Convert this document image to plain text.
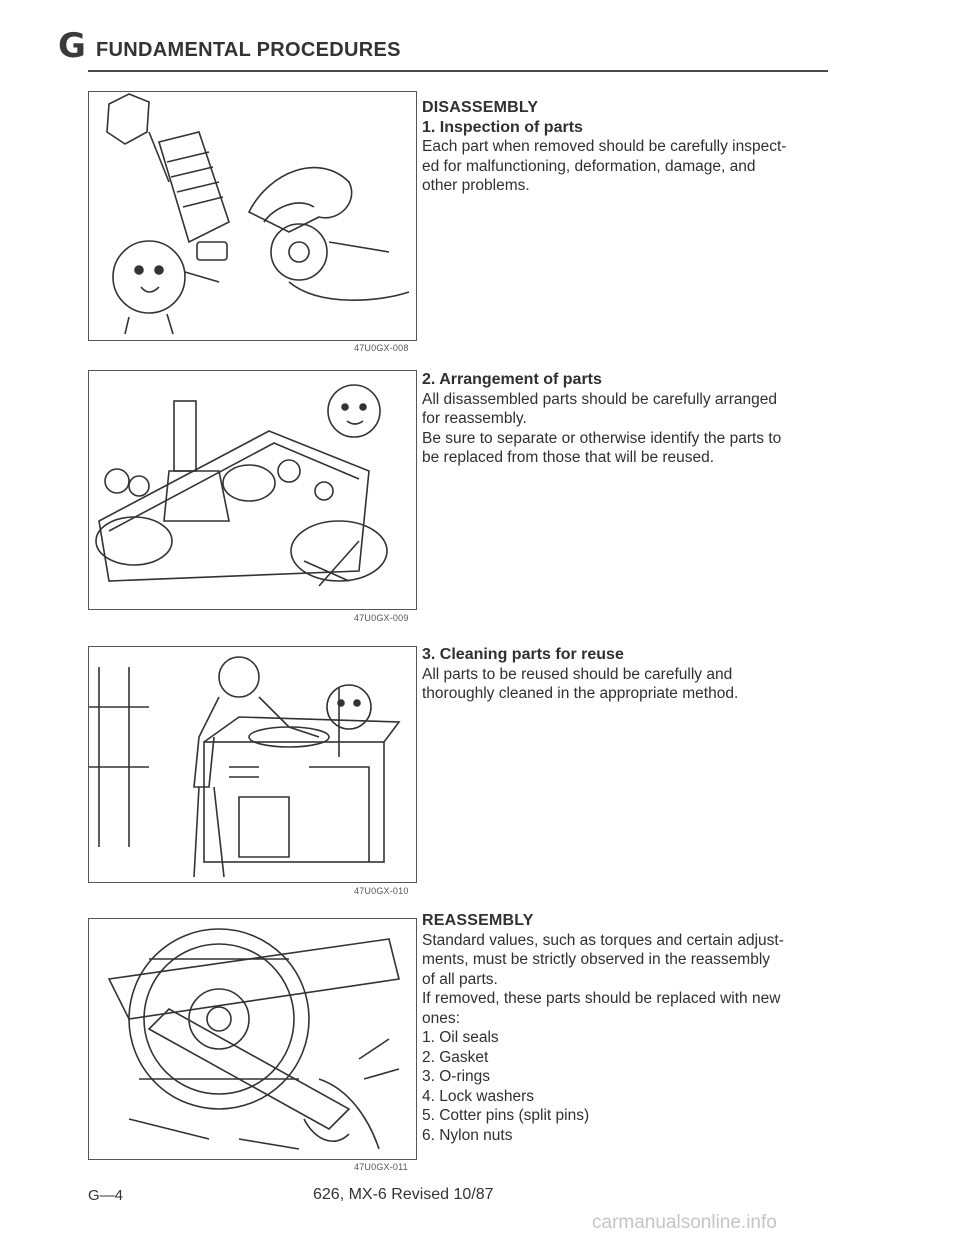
G FUNDAMENTAL PROCEDURES
47U0GX-008
47U0GX-009
47U0GX-010
47U0GX-011

DISASSEMBLY

1. Inspection of parts

Each part when removed should be carefully inspect-

ed for malfunctioning, deformation, damage, and

other problems.

2. Arrangement of parts

All disassembled parts should be carefully arranged

for reassembly.

Be sure to separate or otherwise identify the parts to

be replaced from those that will be reused.

3. Cleaning parts for reuse

All parts to be reused should be carefully and

thoroughly cleaned in the appropriate method.

REASSEMBLY

Standard values, such as torques and certain adjust-

ments, must be strictly observed in the reassembly

of all parts.

If removed, these parts should be replaced with new

ones:

1. Oil seals
2. Gasket
3. O-rings
4. Lock washers
5. Cotter pins (split pins)
6. Nylon nuts
G—4	626, MX-6 Revised 10/87
carmanualsonline.info
